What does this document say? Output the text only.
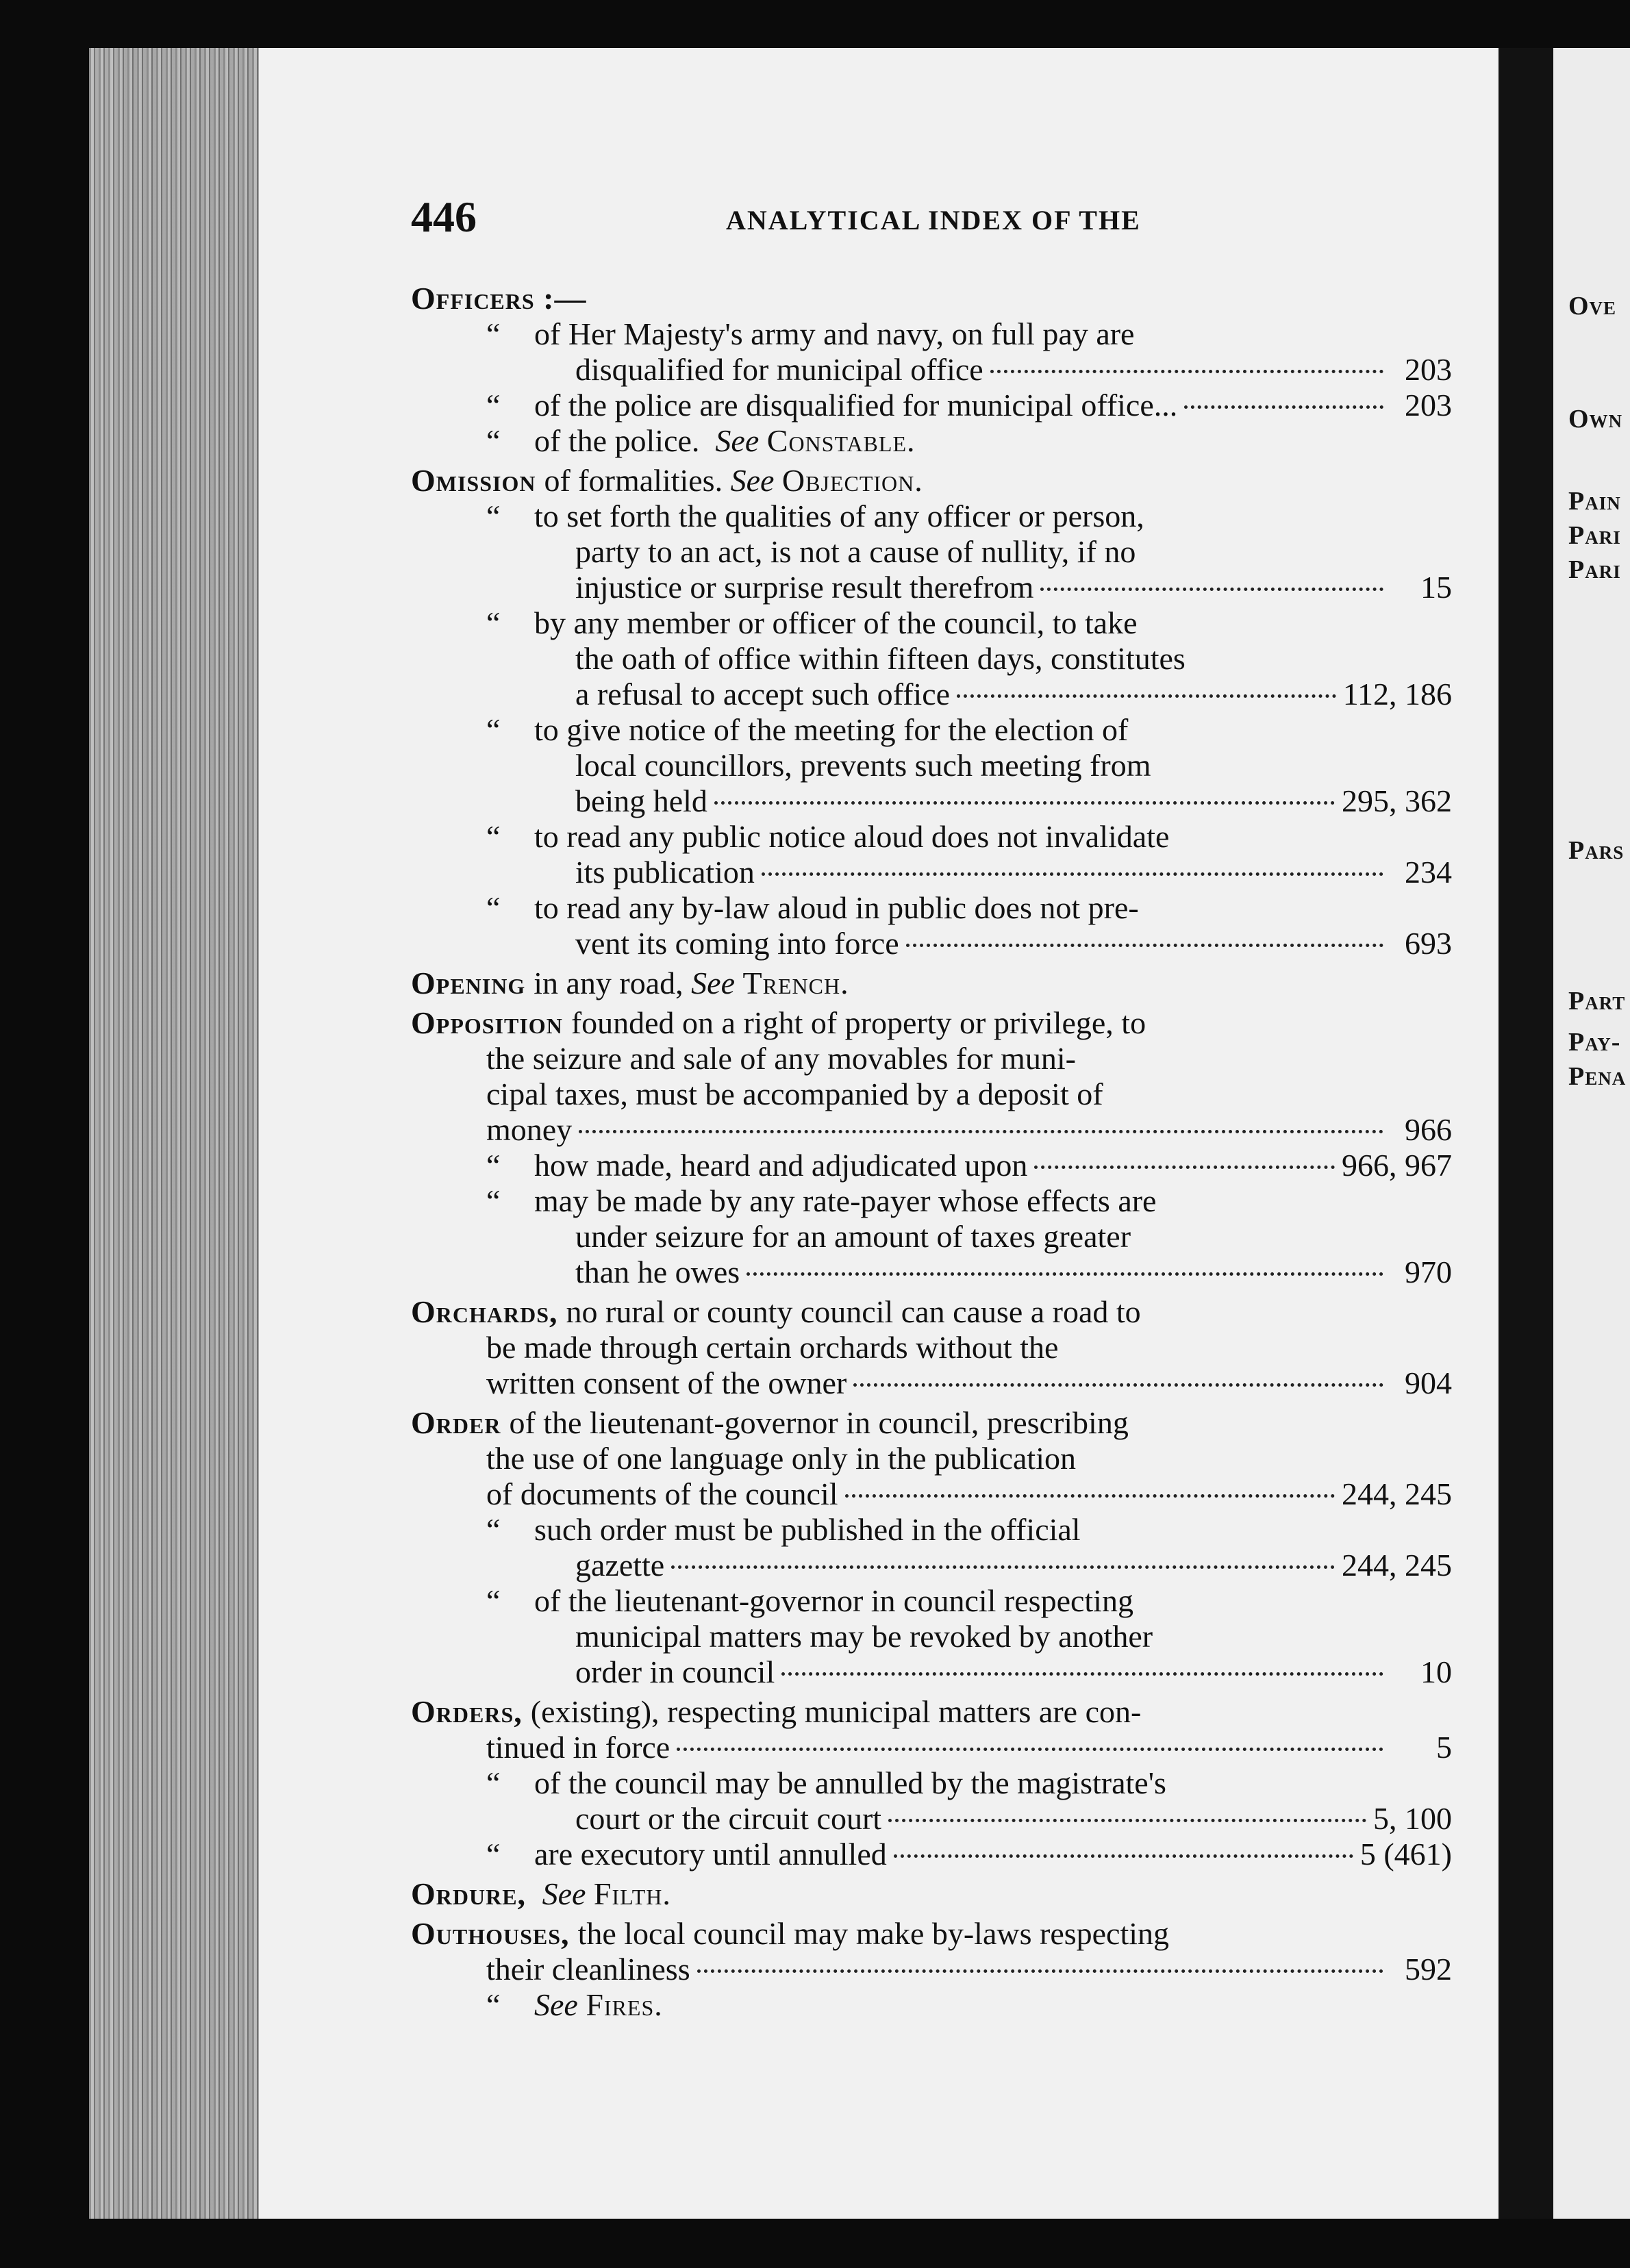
Ove
Own
Pain
Pari
Pari
Pars
Part
Pay-
Pena
446	ANALYTICAL INDEX OF THE
Officers :—
“	of Her Majesty's army and navy, on full pay are
disqualified for municipal office	203
“	of the police are disqualified for municipal office...	203
“	of the police.
See
Constable.
Omission of formalities.
See
Objection.
“	to set forth the qualities of any officer or person,
party to an act, is not a cause of nullity, if no
injustice or surprise result therefrom	15
“	by any member or officer of the council, to take
the oath of office within fifteen days, constitutes
a refusal to accept such office	112, 186
“	to give notice of the meeting for the election of
local councillors, prevents such meeting from
being held	295, 362
“	to read any public notice aloud does not invalidate
its publication	234
“	to read any by-law aloud in public does not pre-
vent its coming into force	693
Opening in any road,
See
Trench.
Opposition founded on a right of property or privilege, to
the seizure and sale of any movables for muni-
cipal taxes, must be accompanied by a deposit of
money	966
“	how made, heard and adjudicated upon	966, 967
“	may be made by any rate-payer whose effects are
under seizure for an amount of taxes greater
than he owes	970
Orchards, no rural or county council can cause a road to
be made through certain orchards without the
written consent of the owner	904
Order of the lieutenant-governor in council, prescribing
the use of one language only in the publication
of documents of the council	244, 245
“	such order must be published in the official
gazette	244, 245
“	of the lieutenant-governor in council respecting
municipal matters may be revoked by another
order in council	10
Orders, (existing), respecting municipal matters are con-
tinued in force	5
“	of the council may be annulled by the magistrate's
court or the circuit court	5, 100
“	are executory until annulled	5 (461)
Ordure,
See
Filth.
Outhouses, the local council may make by-laws respecting
their cleanliness	592
“	See
Fires.
